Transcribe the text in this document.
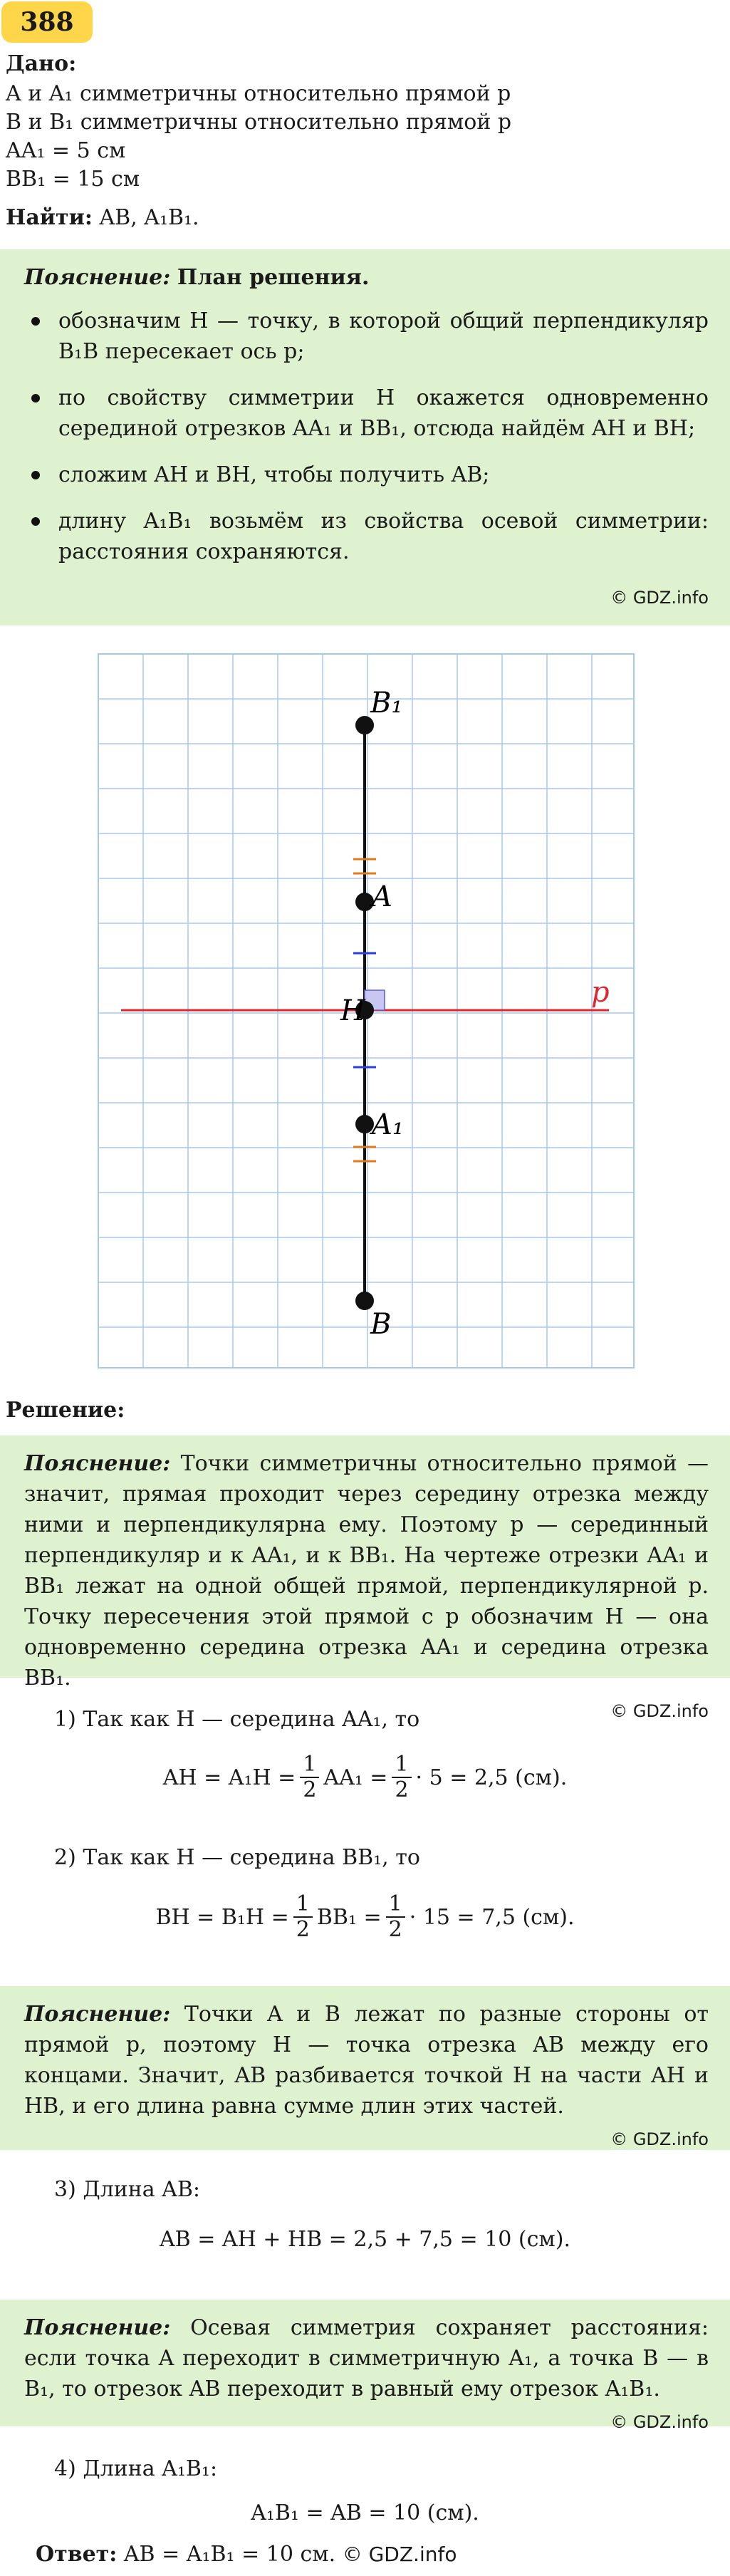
388
Дано:
A и A₁ симметричны относительно прямой p
B и B₁ симметричны относительно прямой p
AA₁ = 5 см
BB₁ = 15 см
Найти: AB, A₁B₁.
Пояснение: План решения.
обозначим H — точку, в которой общий перпендикуляр B₁B пересекает ось p;
по свойству симметрии H окажется одновременно серединой отрезков AA₁ и BB₁, отсюда найдём AH и BH;
сложим AH и BH, чтобы получить AB;
длину A₁B₁ возьмём из свойства осевой симметрии: расстояния сохраняются.
© GDZ.info
B₁
A
H
A₁
B
p
Решение:
Пояснение: Точки симметричны относительно прямой — значит, прямая проходит через середину отрезка между ними и перпендикулярна ему. Поэтому p — серединный перпендикуляр и к AA₁, и к BB₁. На чертеже отрезки AA₁ и BB₁ лежат на одной общей прямой, перпендикулярной p. Точку пересечения этой прямой с p обозначим H — она одновременно середина отрезка AA₁ и середина отрезка BB₁.
© GDZ.info
1) Так как H — середина AA₁, то
AH = $A_1H = \frac{1}{2} AA_1 = \frac{1}{2} \cdot 5 = 2,5$ (см).
2) Так как H — середина BB₁, то
BH = $B_1H = \frac{1}{2} BB_1 = \frac{1}{2} \cdot 15 = 7,5$ (см).
Пояснение: Точки A и B лежат по разные стороны от прямой p, поэтому H — точка отрезка AB между его концами. Значит, AB разбивается точкой H на части AH и HB, и его длина равна сумме длин этих частей.
© GDZ.info
3) Длина AB:
AB = AH + HB = 2,5 + 7,5 = 10 (см).
Пояснение: Осевая симметрия сохраняет расстояния: если точка A переходит в симметричную A₁, а точка B — в B₁, то отрезок AB переходит в равный ему отрезок A₁B₁.
© GDZ.info
4) Длина A₁B₁:
A₁B₁ = AB = 10 (см).
Ответ: AB = A₁B₁ = 10 см. © GDZ.info
